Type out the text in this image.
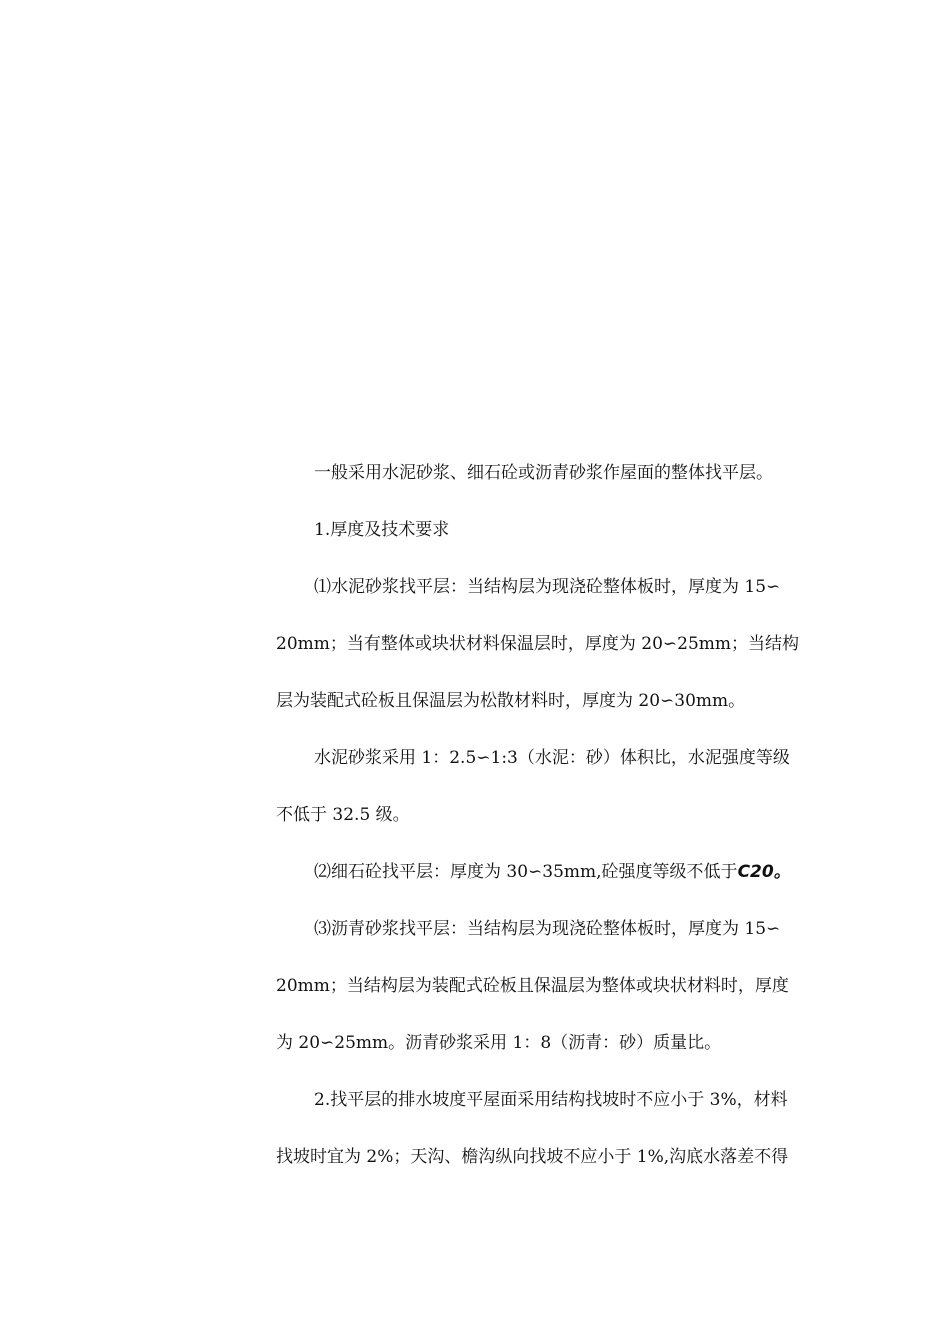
一般采用水泥砂浆、细石砼或沥青砂浆作屋面的整体找平层。
1.厚度及技术要求
⑴水泥砂浆找平层：当结构层为现浇砼整体板时，厚度为 15∽
20mm；当有整体或块状材料保温层时，厚度为 20∽25mm；当结构
层为装配式砼板且保温层为松散材料时，厚度为 20∽30mm。
水泥砂浆采用 1：2.5∽1:3（水泥：砂）体积比，水泥强度等级
不低于 32.5 级。
⑵细石砼找平层：厚度为 30∽35mm,砼强度等级不低于C20。
⑶沥青砂浆找平层：当结构层为现浇砼整体板时，厚度为 15∽
20mm；当结构层为装配式砼板且保温层为整体或块状材料时，厚度
为 20∽25mm。沥青砂浆采用 1：8（沥青：砂）质量比。
2.找平层的排水坡度平屋面采用结构找坡时不应小于 3%，材料
找坡时宜为 2%；天沟、檐沟纵向找坡不应小于 1%,沟底水落差不得
